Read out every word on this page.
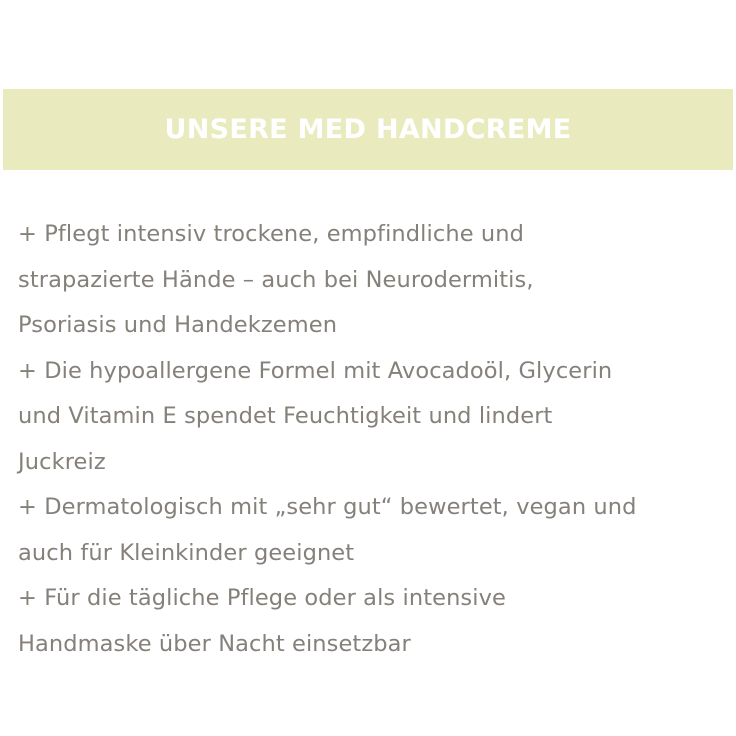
UNSERE MED HANDCREME
+ Pflegt intensiv trockene, empfindliche und
strapazierte Hände – auch bei Neurodermitis,
Psoriasis und Handekzemen
+ Die hypoallergene Formel mit Avocadoöl, Glycerin
und Vitamin E spendet Feuchtigkeit und lindert
Juckreiz
+ Dermatologisch mit „sehr gut“ bewertet, vegan und
auch für Kleinkinder geeignet
+ Für die tägliche Pflege oder als intensive
Handmaske über Nacht einsetzbar
